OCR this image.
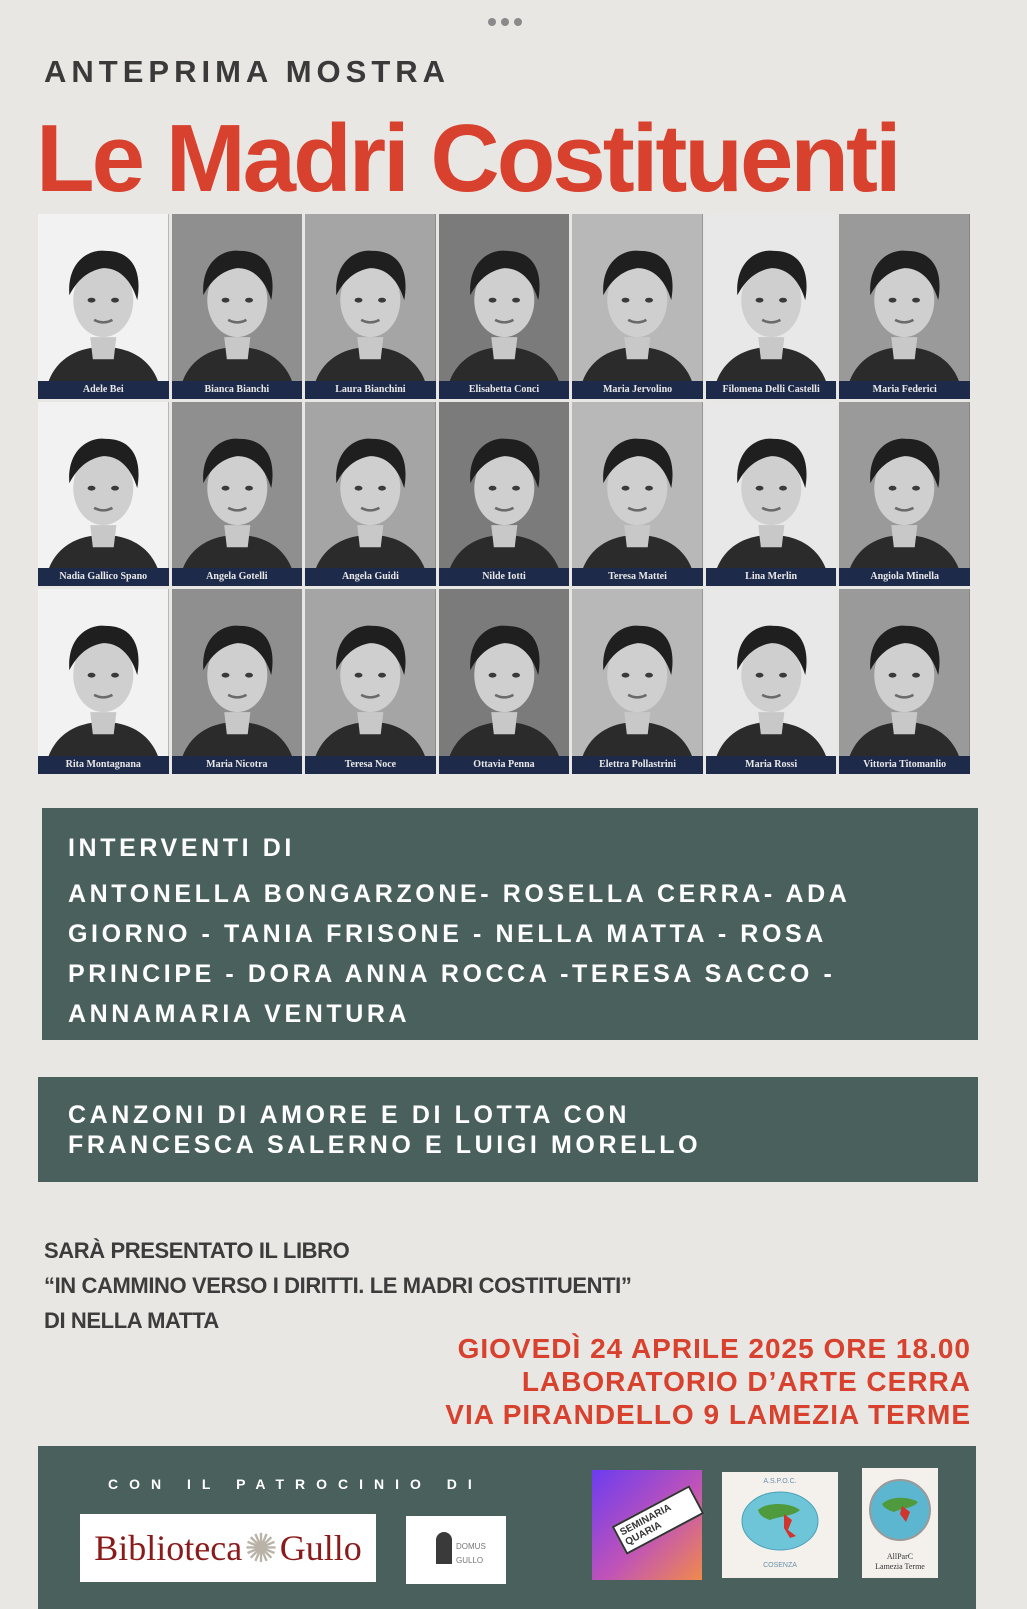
ANTEPRIMA MOSTRA
Le Madri Costituenti
Adele Bei	Bianca Bianchi	Laura Bianchini	Elisabetta Conci	Maria Jervolino	Filomena Delli Castelli	Maria Federici
Nadia Gallico Spano	Angela Gotelli	Angela Guidi	Nilde Iotti	Teresa Mattei	Lina Merlin	Angiola Minella
Rita Montagnana	Maria Nicotra	Teresa Noce	Ottavia Penna	Elettra Pollastrini	Maria Rossi	Vittoria Titomanlio
INTERVENTI DI
ANTONELLA BONGARZONE- ROSELLA CERRA- ADA GIORNO - TANIA FRISONE - NELLA MATTA - ROSA PRINCIPE - DORA ANNA ROCCA -TERESA SACCO - ANNAMARIA VENTURA
CANZONI DI AMORE E DI LOTTA CON
FRANCESCA SALERNO E LUIGI MORELLO
SARÀ PRESENTATO IL LIBRO
“IN CAMMINO VERSO I DIRITTI. LE MADRI COSTITUENTI”
DI NELLA MATTA
GIOVEDÌ 24 APRILE 2025 ORE 18.00
LABORATORIO D’ARTE CERRA
VIA PIRANDELLO 9 LAMEZIA TERME
CON IL PATROCINIO DI
Biblioteca ✺ Gullo	DOMUS
GULLO
SEMINARIA QUARIA
A.S.P.O.C.
COSENZA
AllParC
Lamezia Terme
